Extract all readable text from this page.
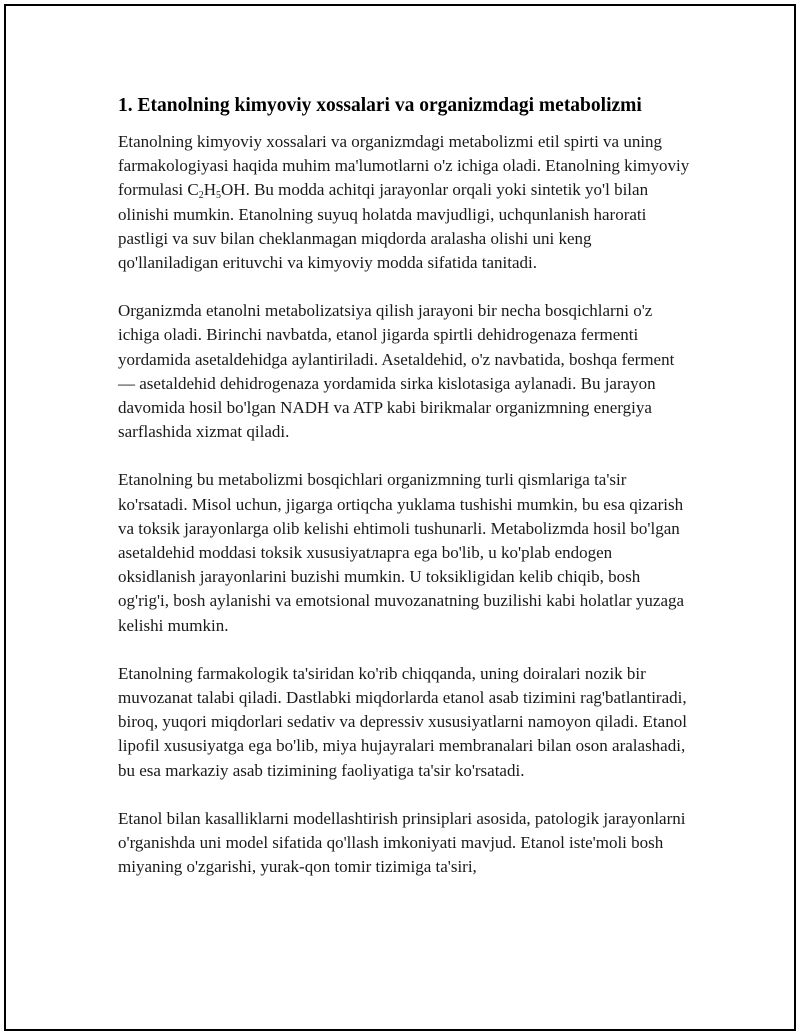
1. Etanolning kimyoviy xossalari va organizmdagi metabolizmi

Etanolning kimyoviy xossalari va organizmdagi metabolizmi etil spirti va uning farmakologiyasi haqida muhim ma'lumotlarni o'z ichiga oladi. Etanolning kimyoviy formulasi $C_2H_5OH$. Bu modda achitqi jarayonlar orqali yoki sintetik yo'l bilan olinishi mumkin. Etanolning suyuq holatda mavjudligi, uchqunlanish harorati pastligi va suv bilan cheklanmagan miqdorda aralasha olishi uni keng qo'llaniladigan erituvchi va kimyoviy modda sifatida tanitadi.

Organizmda etanolni metabolizatsiya qilish jarayoni bir necha bosqichlarni o'z ichiga oladi. Birinchi navbatda, etanol jigarda spirtli dehidrogenaza fermenti yordamida asetaldehidga aylantiriladi. Asetaldehid, o'z navbatida, boshqa ferment — asetaldehid dehidrogenaza yordamida sirka kislotasiga aylanadi. Bu jarayon davomida hosil bo'lgan NADH va ATP kabi birikmalar organizmning energiya sarflashida xizmat qiladi.

Etanolning bu metabolizmi bosqichlari organizmning turli qismlariga ta'sir ko'rsatadi. Misol uchun, jigarga ortiqcha yuklama tushishi mumkin, bu esa qizarish va toksik jarayonlarga olib kelishi ehtimoli tushunarli. Metabolizmda hosil bo'lgan asetaldehid moddasi toksik xususiyatларга ega bo'lib, u ko'plab endogen oksidlanish jarayonlarini buzishi mumkin. U toksikligidan kelib chiqib, bosh og'rig'i, bosh aylanishi va emotsional muvozanatning buzilishi kabi holatlar yuzaga kelishi mumkin.

Etanolning farmakologik ta'siridan ko'rib chiqqanda, uning doiralari nozik bir muvozanat talabi qiladi. Dastlabki miqdorlarda etanol asab tizimini rag'batlantiradi, biroq, yuqori miqdorlari sedativ va depressiv xususiyatlarni namoyon qiladi. Etanol lipofil xususiyatga ega bo'lib, miya hujayralari membranalari bilan oson aralashadi, bu esa markaziy asab tizimining faoliyatiga ta'sir ko'rsatadi.

Etanol bilan kasalliklarni modellashtirish prinsiplari asosida, patologik jarayonlarni o'rganishda uni model sifatida qo'llash imkoniyati mavjud. Etanol iste'moli bosh miyaning o'zgarishi, yurak-qon tomir tizimiga ta'siri,
